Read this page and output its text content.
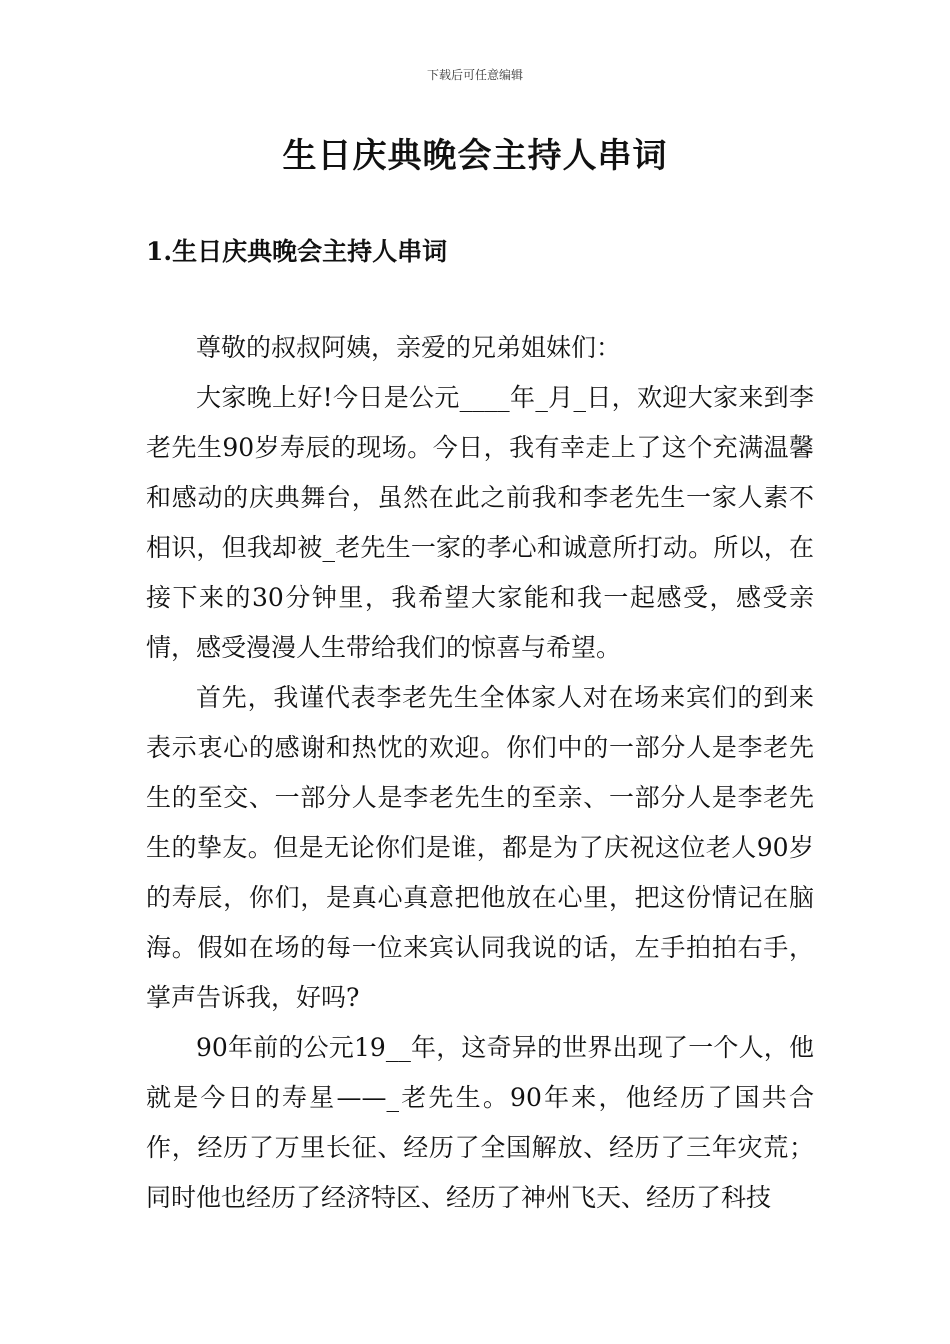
下载后可任意编辑
生日庆典晚会主持人串词
1.生日庆典晚会主持人串词

尊敬的叔叔阿姨，亲爱的兄弟姐妹们：

大家晚上好!今日是公元____年_月_日，欢迎大家来到李老先生90岁寿辰的现场。今日，我有幸走上了这个充满温馨和感动的庆典舞台，虽然在此之前我和李老先生一家人素不相识，但我却被_老先生一家的孝心和诚意所打动。所以，在接下来的30分钟里，我希望大家能和我一起感受，感受亲情，感受漫漫人生带给我们的惊喜与希望。

首先，我谨代表李老先生全体家人对在场来宾们的到来表示衷心的感谢和热忱的欢迎。你们中的一部分人是李老先生的至交、一部分人是李老先生的至亲、一部分人是李老先生的挚友。但是无论你们是谁，都是为了庆祝这位老人90岁的寿辰，你们，是真心真意把他放在心里，把这份情记在脑海。假如在场的每一位来宾认同我说的话，左手拍拍右手，掌声告诉我，好吗?

90年前的公元19__年，这奇异的世界出现了一个人，他就是今日的寿星——_老先生。90年来，他经历了国共合作，经历了万里长征、经历了全国解放、经历了三年灾荒；同时他也经历了经济特区、经历了神州飞天、经历了科技
